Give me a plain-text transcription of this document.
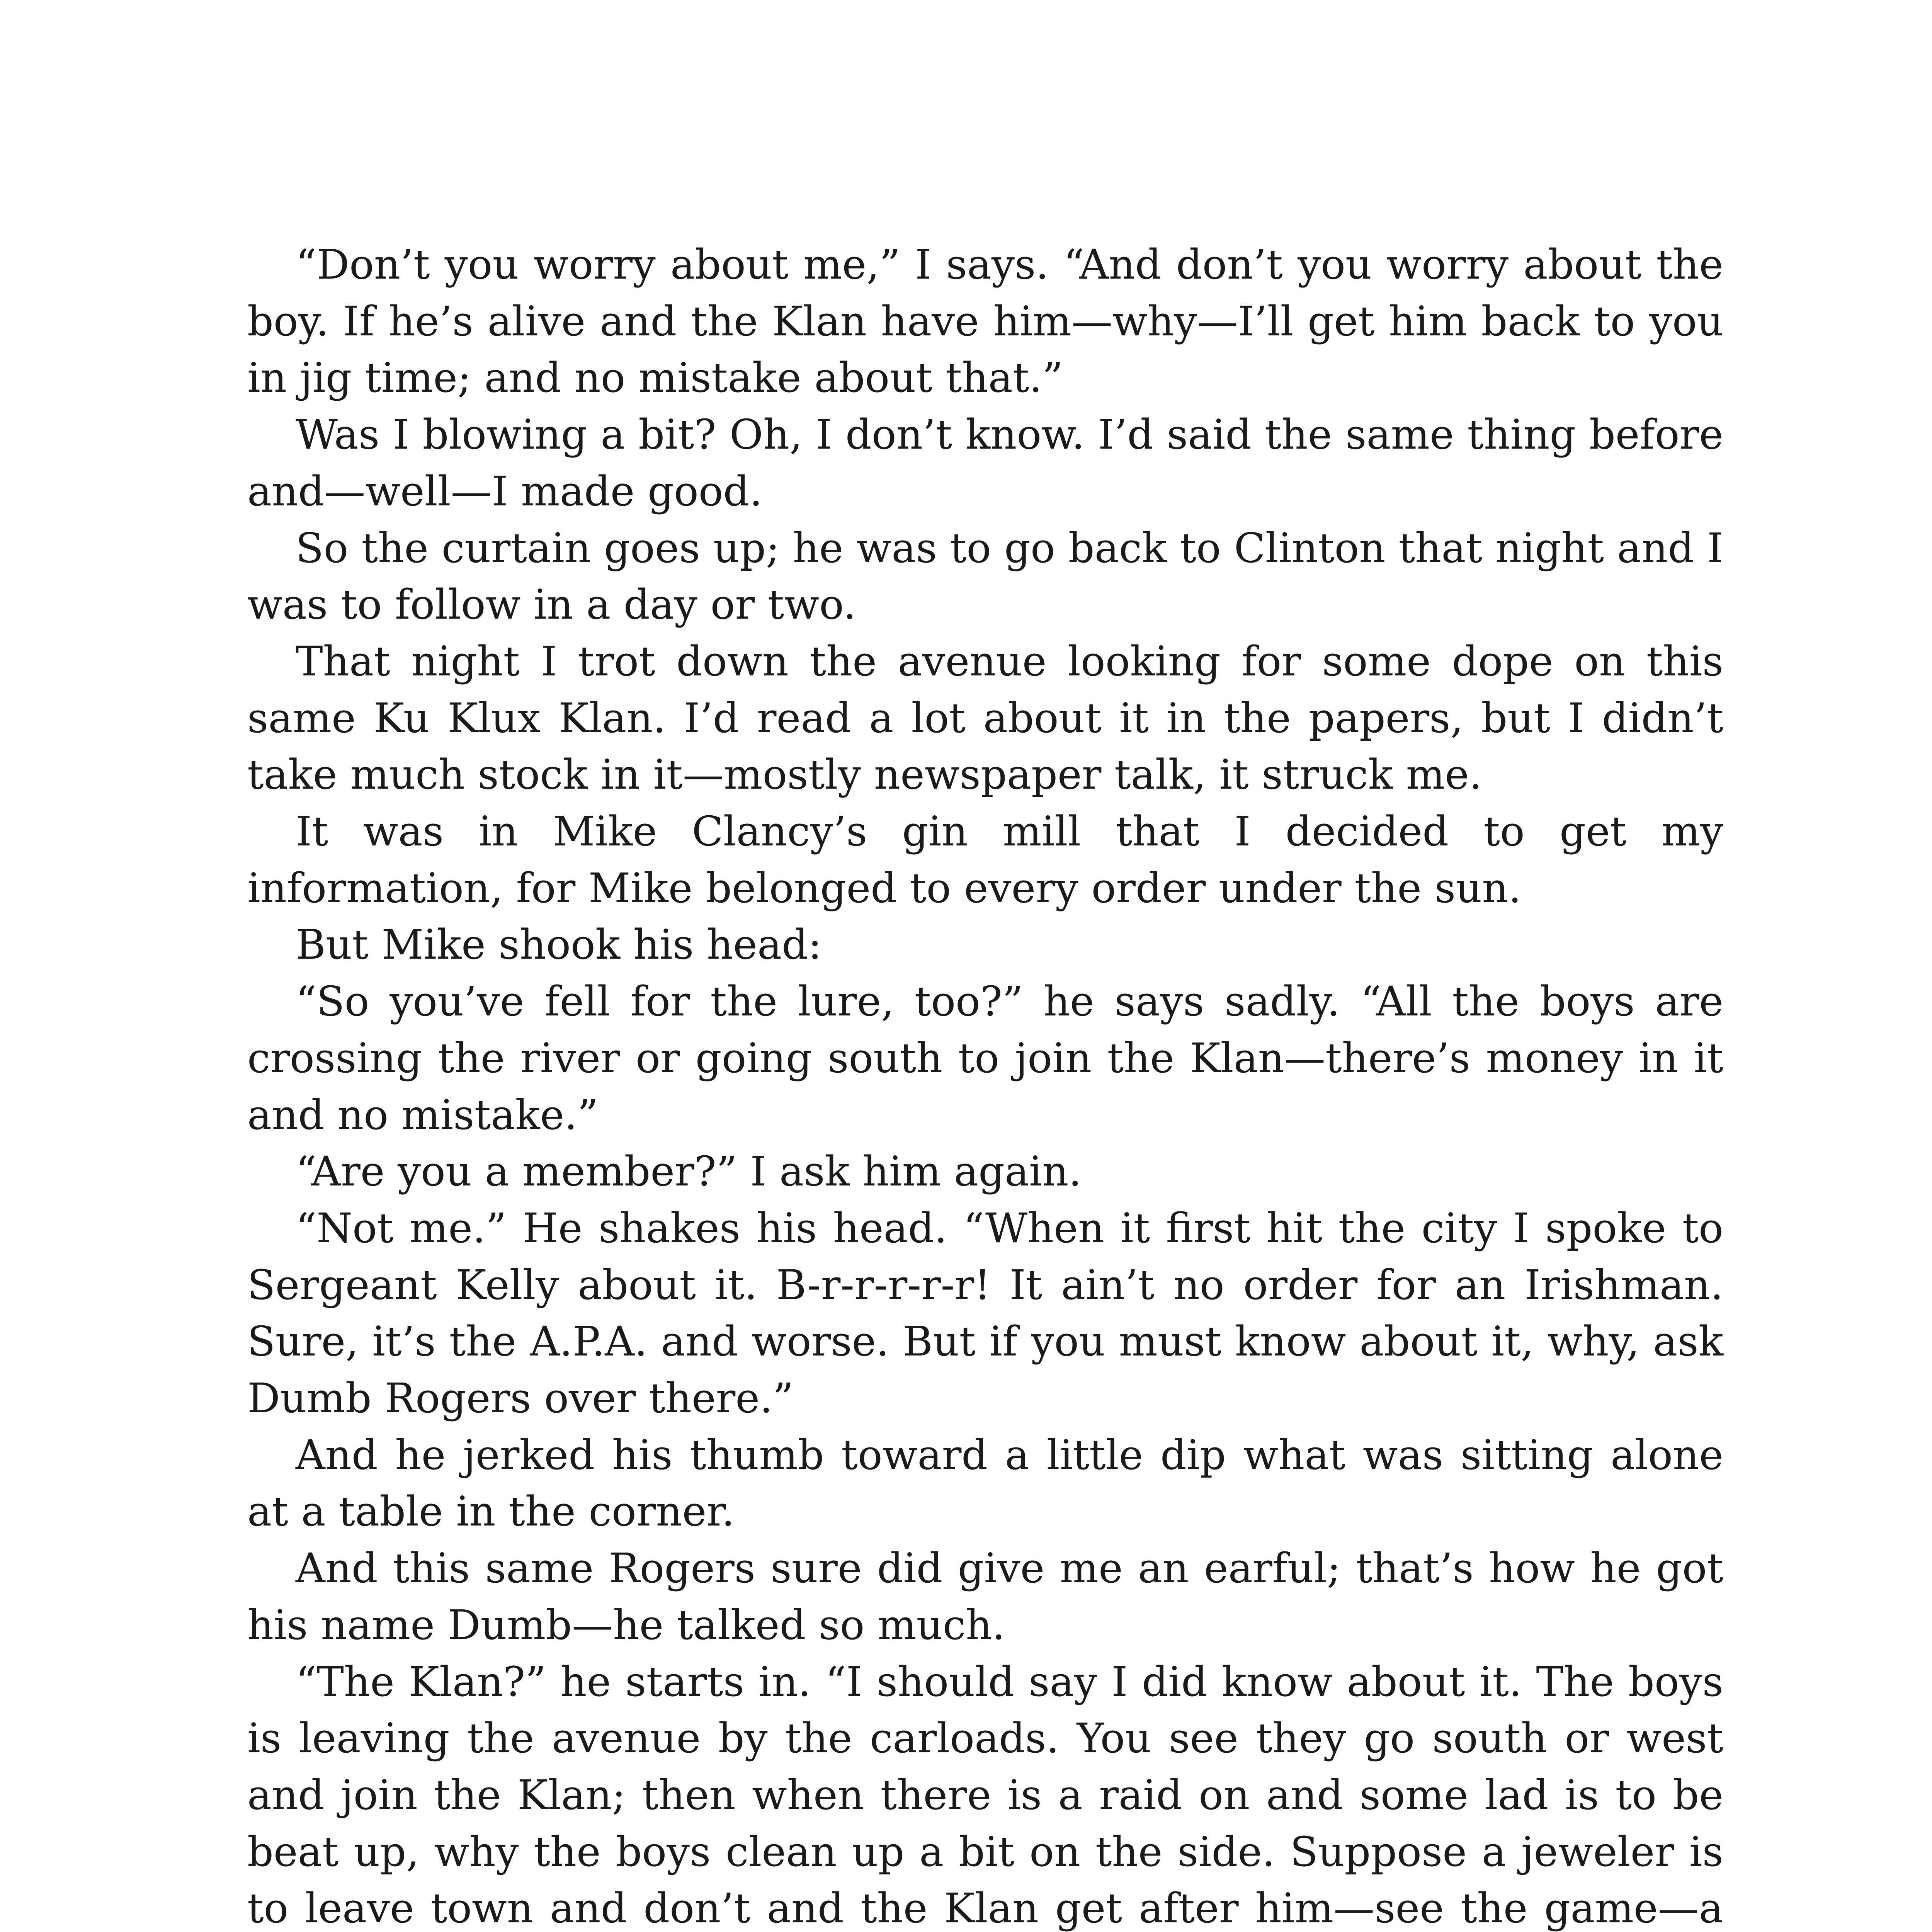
“Don’t you worry about me,” I says. “And don’t you worry about the boy. If he’s alive and the Klan have him—why—I’ll get him back to you in jig time; and no mistake about that.”

Was I blowing a bit? Oh, I don’t know. I’d said the same thing before and—well—I made good.

So the curtain goes up; he was to go back to Clinton that night and I was to follow in a day or two.

That night I trot down the avenue looking for some dope on this same Ku Klux Klan. I’d read a lot about it in the papers, but I didn’t take much stock in it—mostly newspaper talk, it struck me.

It was in Mike Clancy’s gin mill that I decided to get my information, for Mike belonged to every order under the sun.

But Mike shook his head:

“So you’ve fell for the lure, too?” he says sadly. “All the boys are crossing the river or going south to join the Klan—there’s money in it and no mistake.”

“Are you a member?” I ask him again.

“Not me.” He shakes his head. “When it first hit the city I spoke to Sergeant Kelly about it. B-r-r-r-r-r! It ain’t no order for an Irishman. Sure, it’s the A.P.A. and worse. But if you must know about it, why, ask Dumb Rogers over there.”

And he jerked his thumb toward a little dip what was sitting alone at a table in the corner.

And this same Rogers sure did give me an earful; that’s how he got his name Dumb—he talked so much.

“The Klan?” he starts in. “I should say I did know about it. The boys is leaving the avenue by the carloads. You see they go south or west and join the Klan; then when there is a raid on and some lad is to be beat up, why the boys clean up a bit on the side. Suppose a jeweler is to leave town and don’t and the Klan get after him—see the game—a
